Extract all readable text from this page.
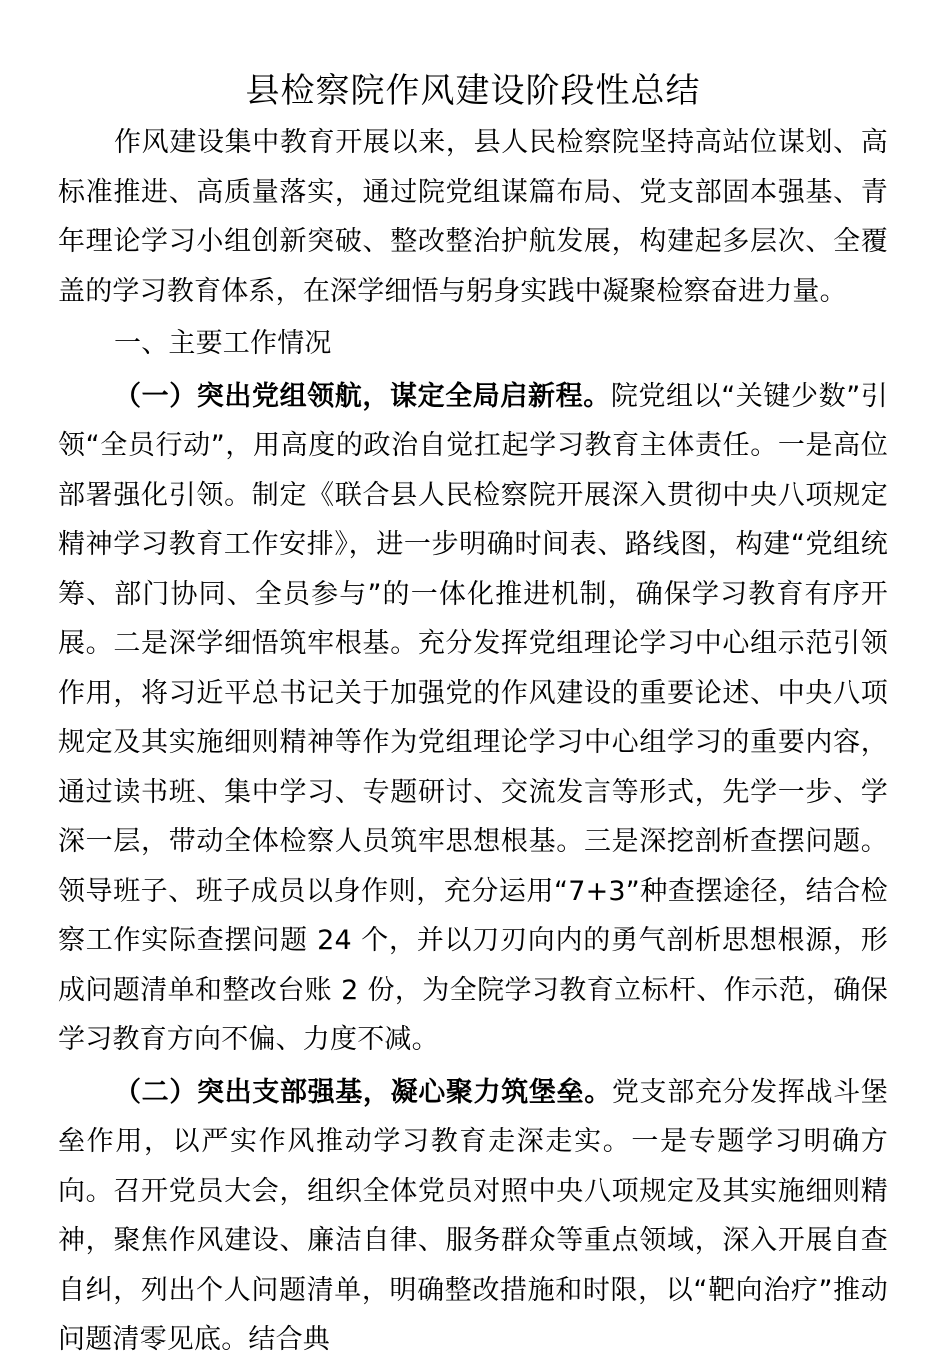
县检察院作风建设阶段性总结

作风建设集中教育开展以来，县人民检察院坚持高站位谋划、高标准推进、高质量落实，通过院党组谋篇布局、党支部固本强基、青年理论学习小组创新突破、整改整治护航发展，构建起多层次、全覆盖的学习教育体系，在深学细悟与躬身实践中凝聚检察奋进力量。

一、主要工作情况

（一）突出党组领航，谋定全局启新程。院党组以“关键少数”引领“全员行动”，用高度的政治自觉扛起学习教育主体责任。一是高位部署强化引领。制定《联合县人民检察院开展深入贯彻中央八项规定精神学习教育工作安排》，进一步明确时间表、路线图，构建“党组统筹、部门协同、全员参与”的一体化推进机制，确保学习教育有序开展。二是深学细悟筑牢根基。充分发挥党组理论学习中心组示范引领作用，将习近平总书记关于加强党的作风建设的重要论述、中央八项规定及其实施细则精神等作为党组理论学习中心组学习的重要内容，通过读书班、集中学习、专题研讨、交流发言等形式，先学一步、学深一层，带动全体检察人员筑牢思想根基。三是深挖剖析查摆问题。领导班子、班子成员以身作则，充分运用“7+3”种查摆途径，结合检察工作实际查摆问题 24 个，并以刀刃向内的勇气剖析思想根源，形成问题清单和整改台账 2 份，为全院学习教育立标杆、作示范，确保学习教育方向不偏、力度不减。

（二）突出支部强基，凝心聚力筑堡垒。党支部充分发挥战斗堡垒作用，以严实作风推动学习教育走深走实。一是专题学习明确方向。召开党员大会，组织全体党员对照中央八项规定及其实施细则精神，聚焦作风建设、廉洁自律、服务群众等重点领域，深入开展自查自纠，列出个人问题清单，明确整改措施和时限，以“靶向治疗”推动问题清零见底。结合典
